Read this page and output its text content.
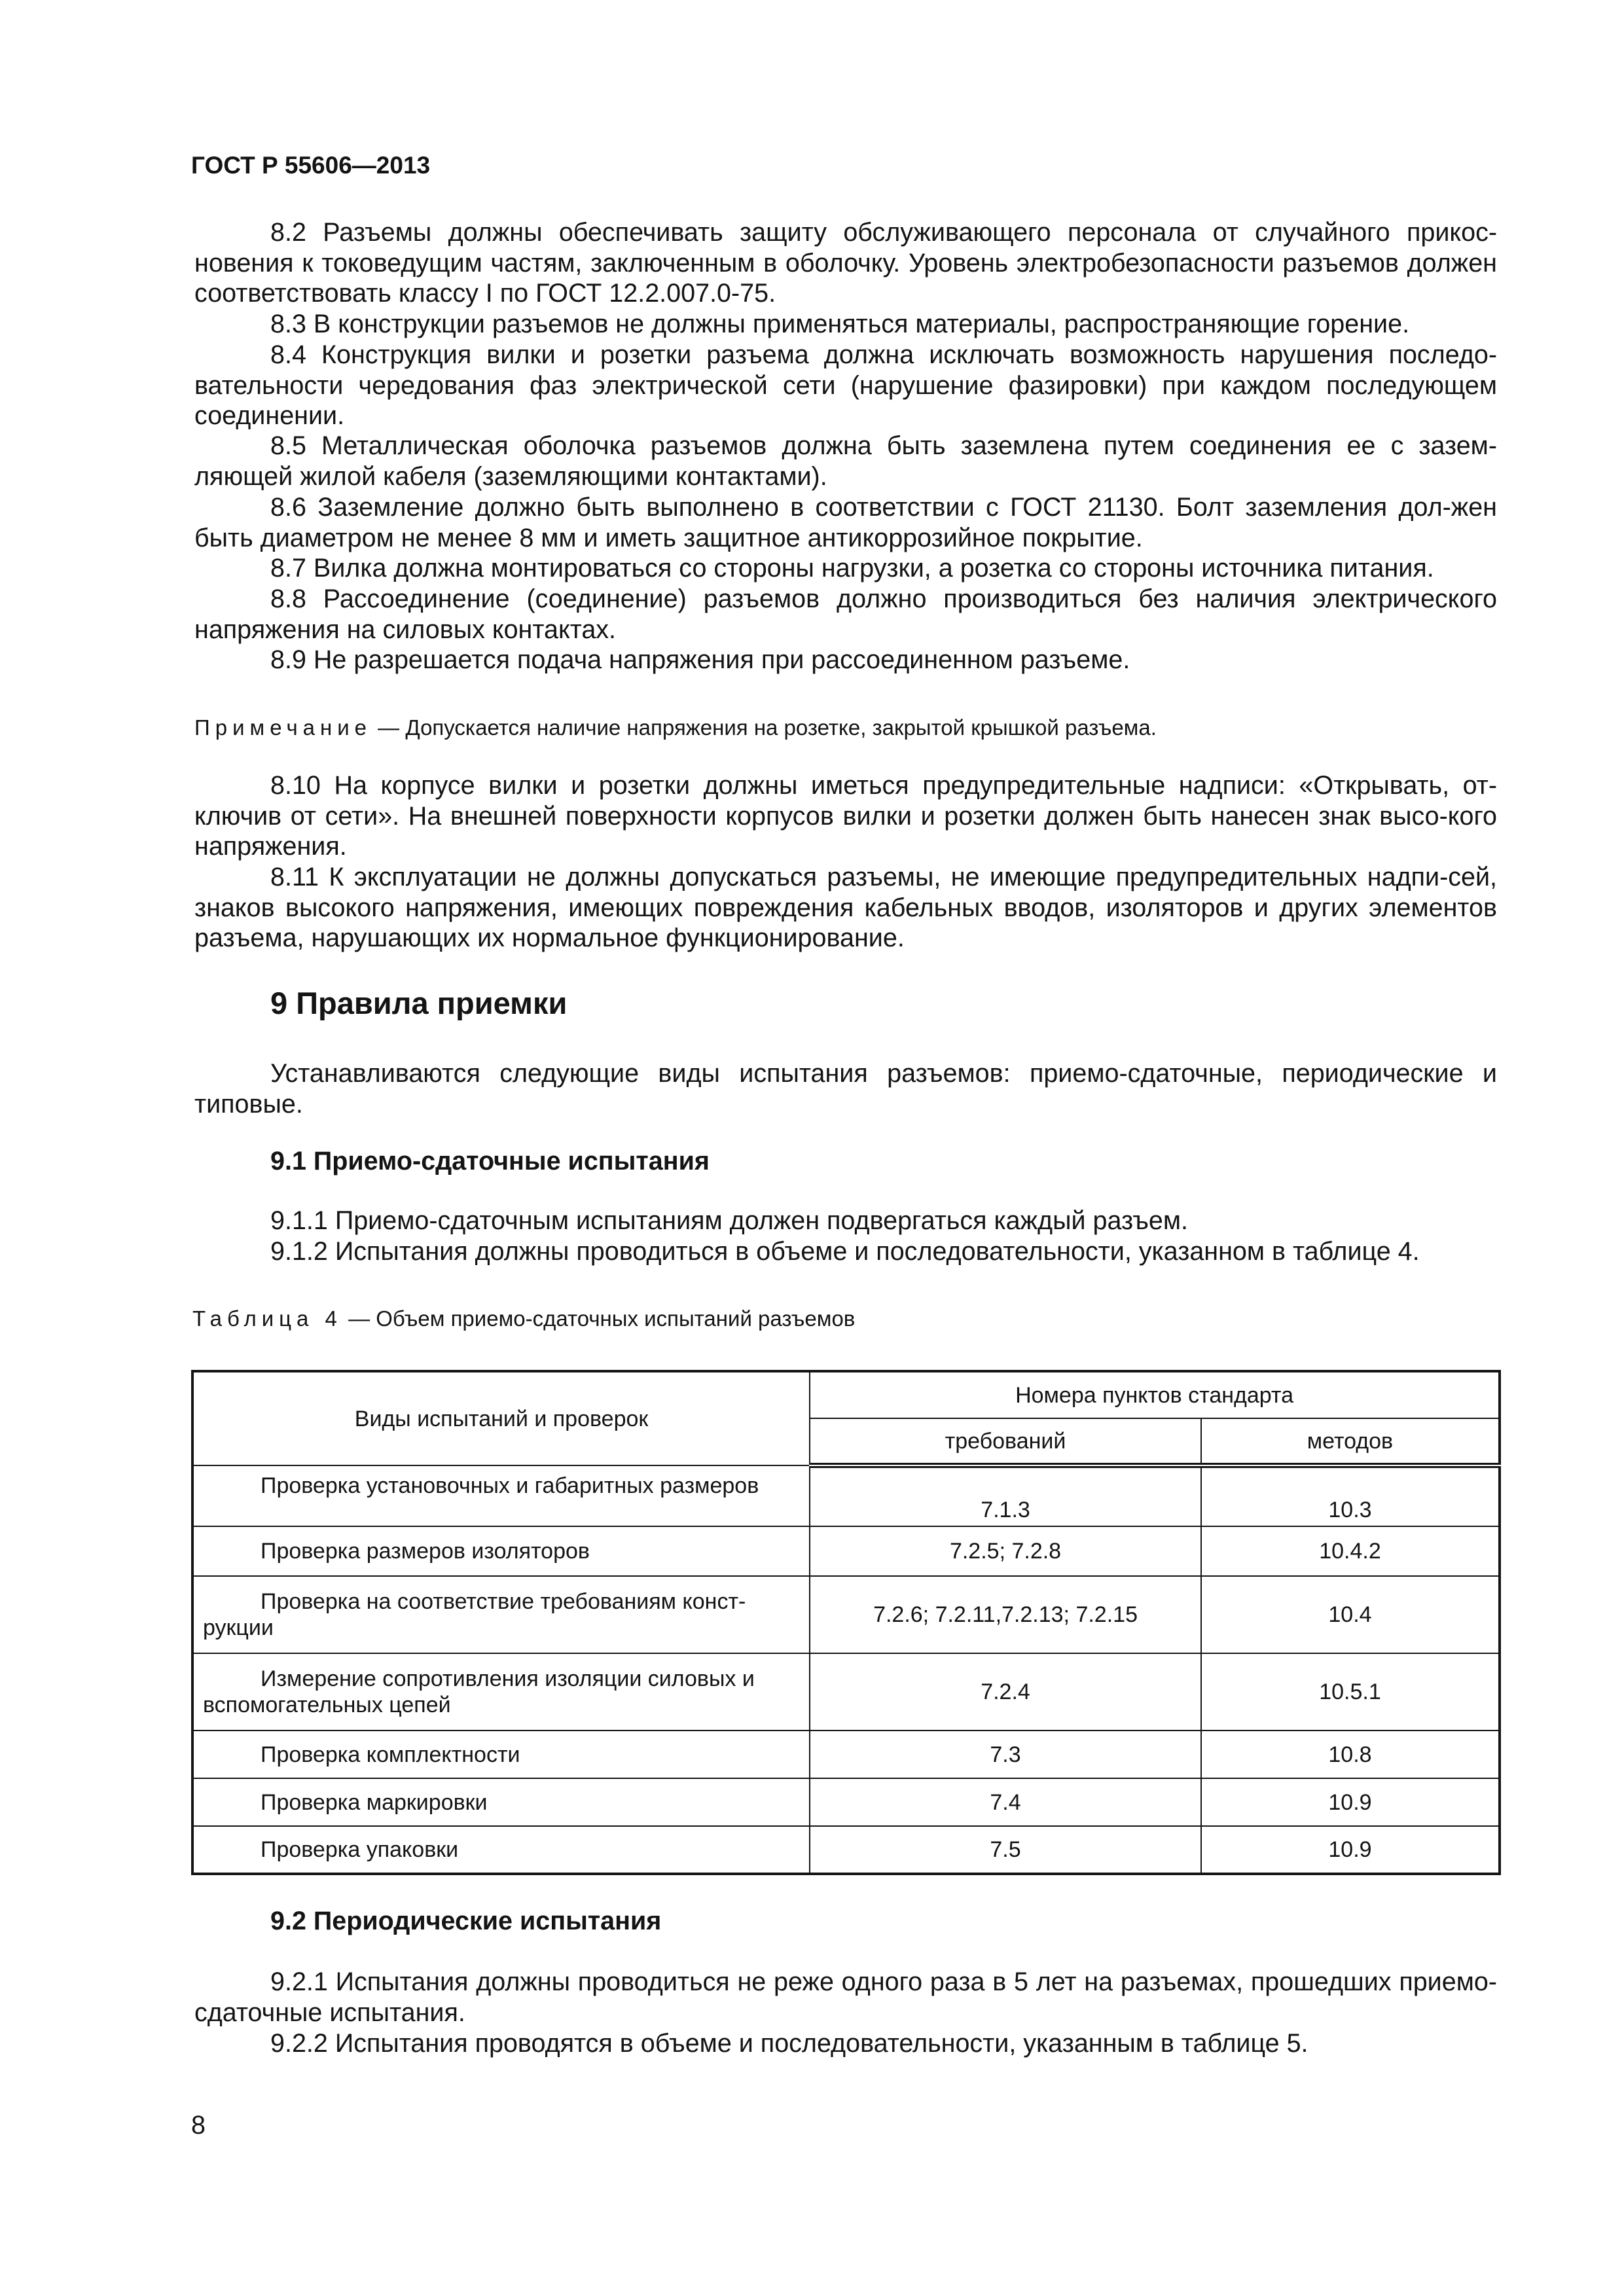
ГОСТ Р 55606—2013
8.2 Разъемы должны обеспечивать защиту обслуживающего персонала от случайного прикос-новения к токоведущим частям, заключенным в оболочку. Уровень электробезопасности разъемов должен соответствовать классу I по ГОСТ 12.2.007.0-75.
8.3 В конструкции разъемов не должны применяться материалы, распространяющие горение.
8.4 Конструкция вилки и розетки разъема должна исключать возможность нарушения последо-вательности чередования фаз электрической сети (нарушение фазировки) при каждом последующем соединении.
8.5 Металлическая оболочка разъемов должна быть заземлена путем соединения ее с зазем-ляющей жилой кабеля (заземляющими контактами).
8.6 Заземление должно быть выполнено в соответствии с ГОСТ 21130. Болт заземления дол-жен быть диаметром не менее 8 мм и иметь защитное антикоррозийное покрытие.
8.7 Вилка должна монтироваться со стороны нагрузки, а розетка со стороны источника питания.
8.8 Рассоединение (соединение) разъемов должно производиться без наличия электрического напряжения на силовых контактах.
8.9 Не разрешается подача напряжения при рассоединенном разъеме.
Примечание — Допускается наличие напряжения на розетке, закрытой крышкой разъема.
8.10 На корпусе вилки и розетки должны иметься предупредительные надписи: «Открывать, от-ключив от сети». На внешней поверхности корпусов вилки и розетки должен быть нанесен знак высо-кого напряжения.
8.11 К эксплуатации не должны допускаться разъемы, не имеющие предупредительных надпи-сей, знаков высокого напряжения, имеющих повреждения кабельных вводов, изоляторов и других элементов разъема, нарушающих их нормальное функционирование.
9 Правила приемки
Устанавливаются следующие виды испытания разъемов: приемо-сдаточные, периодические и типовые.
9.1 Приемо-сдаточные испытания
9.1.1 Приемо-сдаточным испытаниям должен подвергаться каждый разъем.
9.1.2 Испытания должны проводиться в объеме и последовательности, указанном в таблице 4.
Таблица 4 — Объем приемо-сдаточных испытаний разъемов
Виды испытаний и проверок	Номера пунктов стандарта	
	требований	методов
Проверка установочных и габаритных размеров	7.1.3	10.3
Проверка размеров изоляторов	7.2.5; 7.2.8	10.4.2
Проверка на соответствие требованиям конст-рукции	7.2.6; 7.2.11,7.2.13; 7.2.15	10.4
Измерение сопротивления изоляции силовых и вспомогательных цепей	7.2.4	10.5.1
Проверка комплектности	7.3	10.8
Проверка маркировки	7.4	10.9
Проверка упаковки	7.5	10.9
9.2 Периодические испытания
9.2.1 Испытания должны проводиться не реже одного раза в 5 лет на разъемах, прошедших приемо-сдаточные испытания.
9.2.2 Испытания проводятся в объеме и последовательности, указанным в таблице 5.
8
